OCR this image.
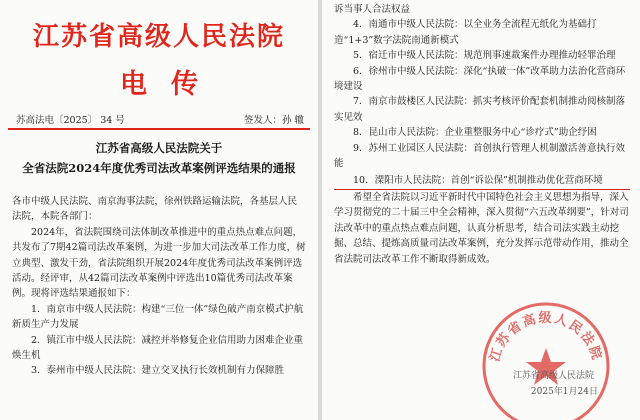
江苏省高级人民法院
电传
苏高法电〔2025〕 34 号	签发人：孙 辙
江苏省高级人民法院关于
全省法院2024年度优秀司法改革案例评选结果的通报

各市中级人民法院、南京海事法院，徐州铁路运输法院，各基层人民法院，本院各部门：

2024年，省法院围绕司法体制改革推进中的重点热点难点问题，共发布了7期42篇司法改革案例，为进一步加大司法改革工作力度，树立典型、激发干劲，省法院组织开展2024年度优秀司法改革案例评选活动。经评审，从42篇司法改革案例中评选出10篇优秀司法改革案例。现将评选结果通报如下：

1．南京市中级人民法院：构建“三位一体”绿色破产南京模式护航新质生产力发展

2．镇江市中级人民法院：减控并举修复企业信用助力困难企业重焕生机

3．泰州市中级人民法院：建立交叉执行长效机制有力保障胜

诉当事人合法权益

4．南通市中级人民法院：以全业务全流程无纸化为基础打造“1+3”数字法院南通新模式

5．宿迁市中级人民法院：规范刑事速裁案件办理推动轻罪治理

6．徐州市中级人民法院：深化“执破一体”改革助力法治化营商环境建设

7．南京市鼓楼区人民法院：抓实考核评价配套机制推动阅核制落实见效

8．昆山市人民法院：企业重整服务中心“诊疗式”助企纾困

9．苏州工业园区人民法院：首创执行管理人机制激活善意执行效能

10．溧阳市人民法院：首创“诉讼保”机制推动优化营商环境

希望全省法院以习近平新时代中国特色社会主义思想为指导，深入学习贯彻党的二十届三中全会精神，深入贯彻“六五改革纲要”，针对司法改革中的重点热点难点问题，认真分析思考，结合司法实践主动挖掘、总结、提炼高质量司法改革案例，充分发挥示范带动作用，推动全省法院司法改革工作不断取得新成效。

江苏省高级人民法院
江苏省高级人民法院
2025年1月24日
